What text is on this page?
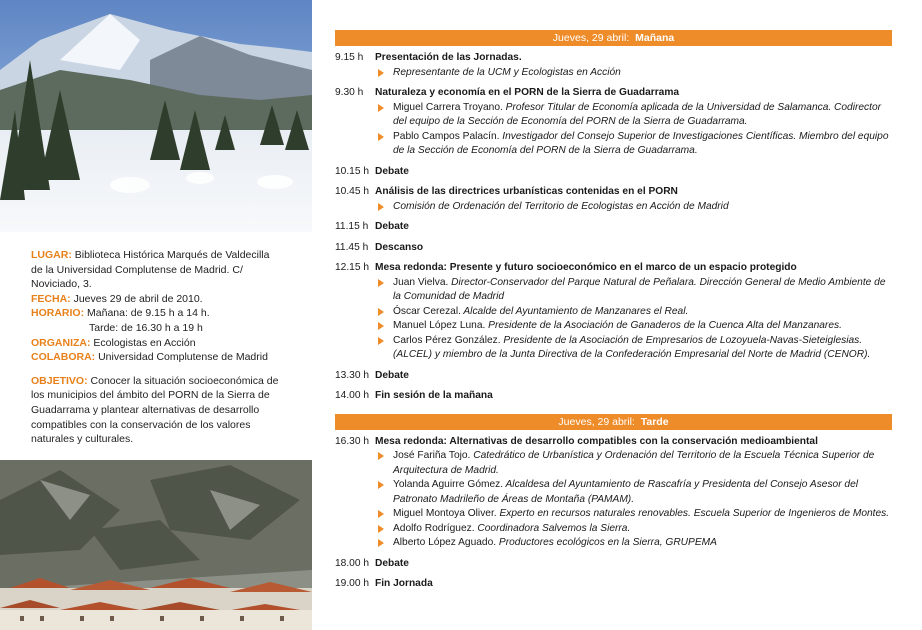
LUGAR: Biblioteca Histórica Marqués de Valdecilla de la Universidad Complutense de Madrid. C/ Noviciado, 3.

FECHA: Jueves 29 de abril de 2010.

HORARIO: Mañana: de 9.15 h a 14 h.

Tarde: de 16.30 h a 19 h

ORGANIZA: Ecologistas en Acción

COLABORA: Universidad Complutense de Madrid

OBJETIVO: Conocer la situación socioeconómica de los municipios del ámbito del PORN de la Sierra de Guadarrama y plantear alternativas de desarrollo compatibles con la conservación de los valores naturales y culturales.

Jueves, 29 abril: Mañana
9.15 h	Presentación de las Jornadas.
Representante de la UCM y Ecologistas en Acción
9.30 h	Naturaleza y economía en el PORN de la Sierra de Guadarrama
Miguel Carrera Troyano. Profesor Titular de Economía aplicada de la Universidad de Salamanca. Codirector del equipo de la Sección de Economía del PORN de la Sierra de Guadarrama.
Pablo Campos Palacín. Investigador del Consejo Superior de Investigaciones Científicas. Miembro del equipo de la Sección de Economía del PORN de la Sierra de Guadarrama.
10.15 h Debate
10.45 h Análisis de las directrices urbanísticas contenidas en el PORN
Comisión de Ordenación del Territorio de Ecologistas en Acción de Madrid
11.15 h Debate
11.45 h Descanso
12.15 h Mesa redonda: Presente y futuro socioeconómico en el marco de un espacio protegido
Juan Vielva. Director-Conservador del Parque Natural de Peñalara. Dirección General de Medio Ambiente de la Comunidad de Madrid
Óscar Cerezal. Alcalde del Ayuntamiento de Manzanares el Real.
Manuel López Luna. Presidente de la Asociación de Ganaderos de la Cuenca Alta del Manzanares.
Carlos Pérez González. Presidente de la Asociación de Empresarios de Lozoyuela-Navas-Sieteiglesias. (ALCEL) y miembro de la Junta Directiva de la Confederación Empresarial del Norte de Madrid (CENOR).
13.30 h Debate
14.00 h Fin sesión de la mañana
Jueves, 29 abril: Tarde
16.30 h Mesa redonda: Alternativas de desarrollo compatibles con la conservación medioambiental
José Fariña Tojo. Catedrático de Urbanística y Ordenación del Territorio de la Escuela Técnica Superior de Arquitectura de Madrid.
Yolanda Aguirre Gómez. Alcaldesa del Ayuntamiento de Rascafría y Presidenta del Consejo Asesor del Patronato Madrileño de Áreas de Montaña (PAMAM).
Miguel Montoya Oliver. Experto en recursos naturales renovables. Escuela Superior de Ingenieros de Montes.
Adolfo Rodríguez. Coordinadora Salvemos la Sierra.
Alberto López Aguado. Productores ecológicos en la Sierra, GRUPEMA
18.00 h Debate
19.00 h Fin Jornada
